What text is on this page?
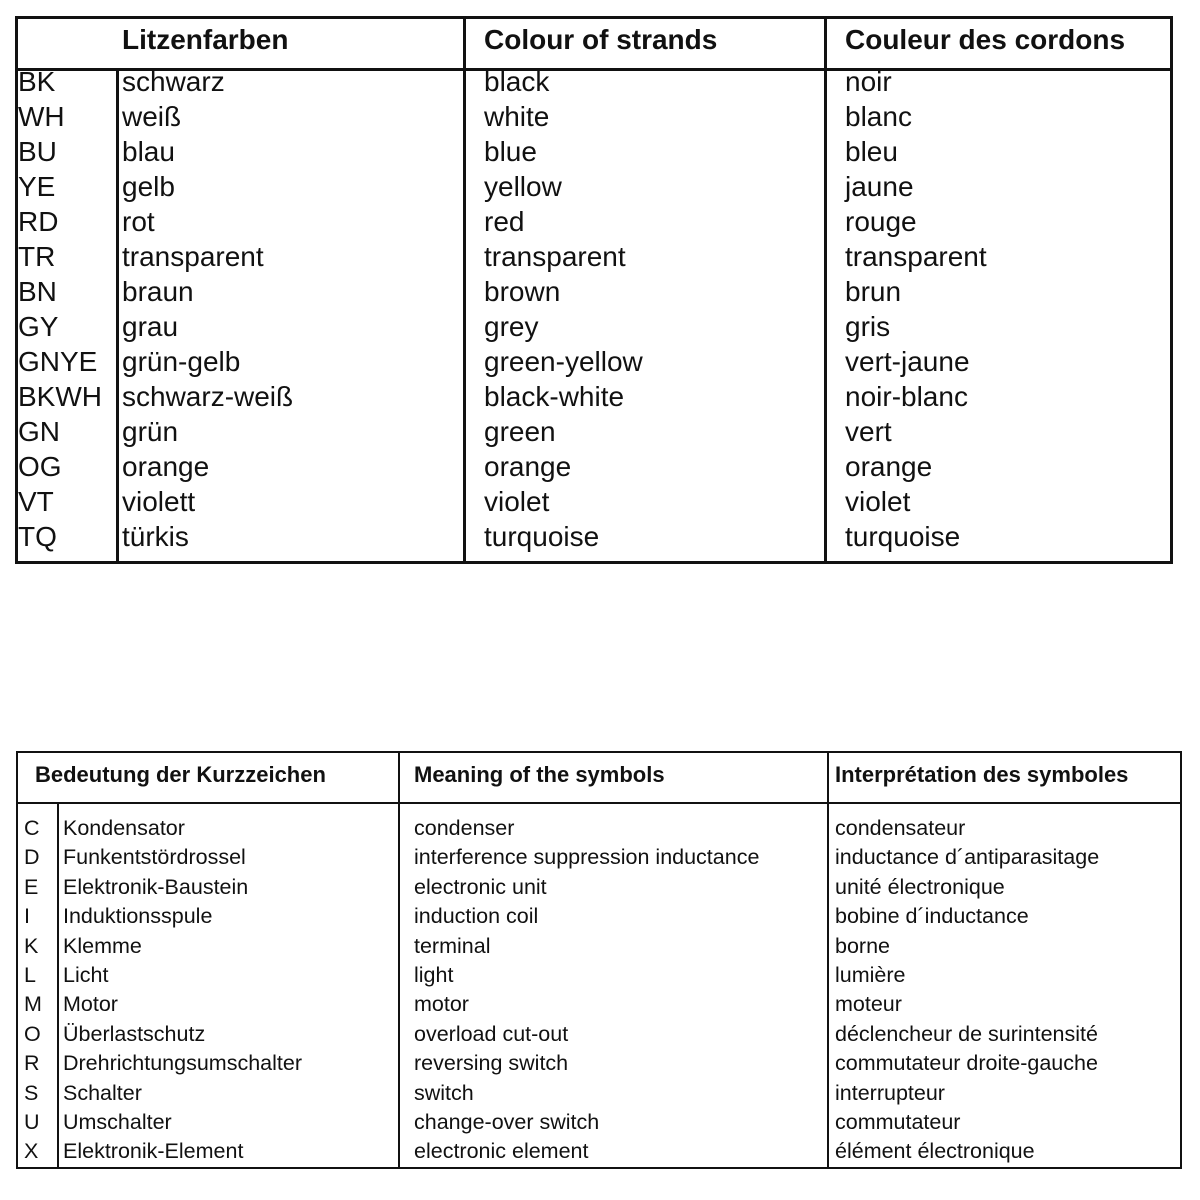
Litzenfarben	Colour of strands	Couleur des cordons
BK schwarz	black	noir
WH weiß	white	blanc
BU blau	blue	bleu
YE gelb	yellow	jaune
RD rot	red	rouge
TR transparent	transparent	transparent
BN braun	brown	brun
GY grau	grey	gris
GNYE grün-gelb	green-yellow	vert-jaune
BKWH schwarz-weiß	black-white	noir-blanc
GN grün	green	vert
OG orange	orange	orange
VT violett	violet	violet
TQ türkis	turquoise	turquoise
Bedeutung der Kurzzeichen	Meaning of the symbols	Interprétation des symboles
C Kondensator	condenser	condensateur
D Funkentstördrossel	interference suppression inductance	inductance d´antiparasitage
E Elektronik-Baustein	electronic unit	unité électronique
I Induktionsspule	induction coil	bobine d´inductance
K Klemme	terminal	borne
L Licht	light	lumière
M Motor	motor	moteur
O Überlastschutz	overload cut-out	déclencheur de surintensité
R Drehrichtungsumschalter	reversing switch	commutateur droite-gauche
S Schalter	switch	interrupteur
U Umschalter	change-over switch	commutateur
X Elektronik-Element	electronic element	élément électronique
